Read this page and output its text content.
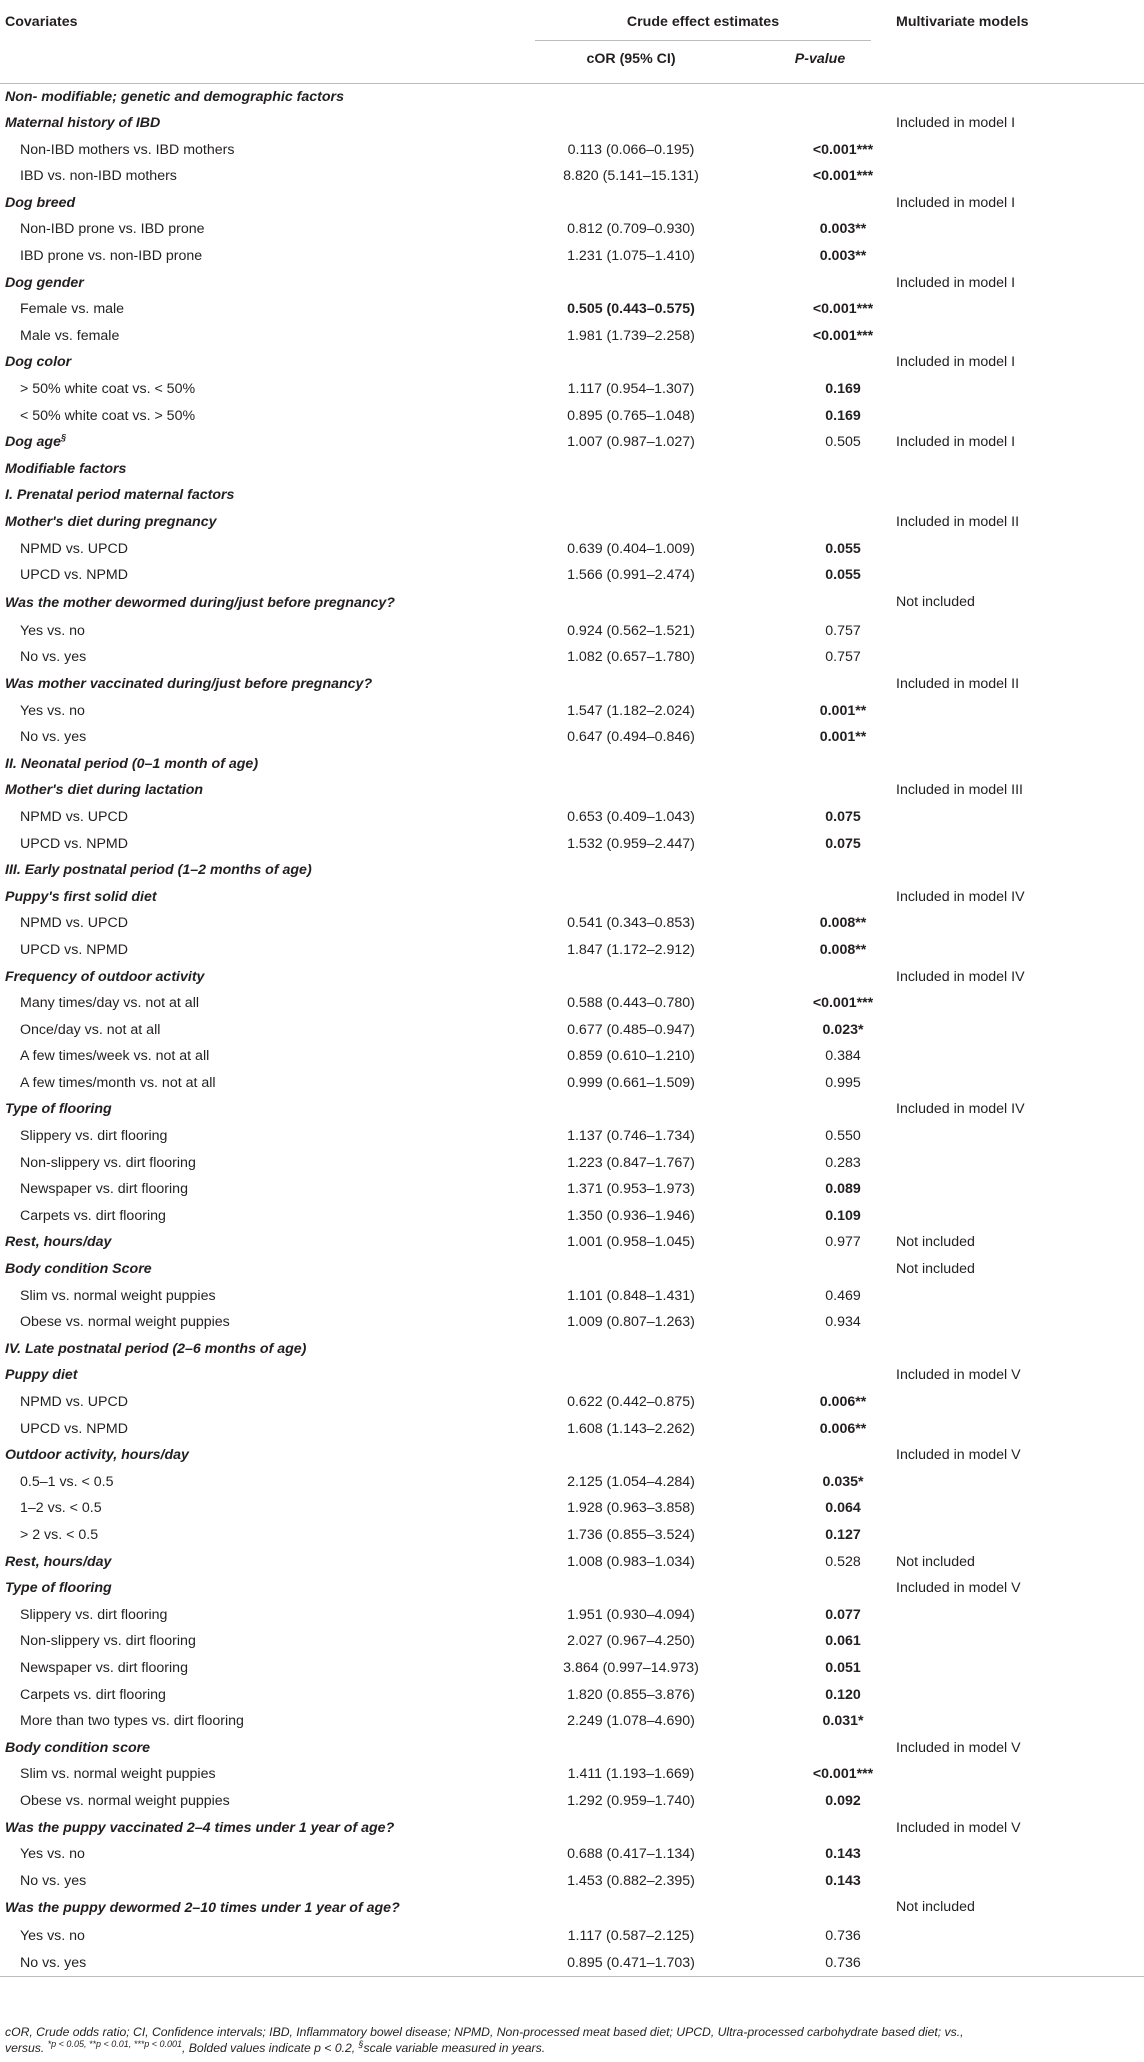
Covariates	Crude effect estimates		Multivariate models
	cOR (95% CI)	P-value	
Non- modifiable; genetic and demographic factors			
Maternal history of IBD			Included in model I
Non-IBD mothers vs. IBD mothers	0.113 (0.066–0.195)	<0.001***	
IBD vs. non-IBD mothers	8.820 (5.141–15.131)	<0.001***	
Dog breed			Included in model I
Non-IBD prone vs. IBD prone	0.812 (0.709–0.930)	0.003**	
IBD prone vs. non-IBD prone	1.231 (1.075–1.410)	0.003**	
Dog gender			Included in model I
Female vs. male	0.505 (0.443–0.575)	<0.001***	
Male vs. female	1.981 (1.739–2.258)	<0.001***	
Dog color			Included in model I
> 50% white coat vs. < 50%	1.117 (0.954–1.307)	0.169	
< 50% white coat vs. > 50%	0.895 (0.765–1.048)	0.169	
Dog age§	1.007 (0.987–1.027)	0.505	Included in model I
Modifiable factors			
I. Prenatal period maternal factors			
Mother's diet during pregnancy			Included in model II
NPMD vs. UPCD	0.639 (0.404–1.009)	0.055	
UPCD vs. NPMD	1.566 (0.991–2.474)	0.055	
Was the mother dewormed during/just before pregnancy?			Not included
Yes vs. no	0.924 (0.562–1.521)	0.757	
No vs. yes	1.082 (0.657–1.780)	0.757	
Was mother vaccinated during/just before pregnancy?			Included in model II
Yes vs. no	1.547 (1.182–2.024)	0.001**	
No vs. yes	0.647 (0.494–0.846)	0.001**	
II. Neonatal period (0–1 month of age)			
Mother's diet during lactation			Included in model III
NPMD vs. UPCD	0.653 (0.409–1.043)	0.075	
UPCD vs. NPMD	1.532 (0.959–2.447)	0.075	
III. Early postnatal period (1–2 months of age)			
Puppy's first solid diet			Included in model IV
NPMD vs. UPCD	0.541 (0.343–0.853)	0.008**	
UPCD vs. NPMD	1.847 (1.172–2.912)	0.008**	
Frequency of outdoor activity			Included in model IV
Many times/day vs. not at all	0.588 (0.443–0.780)	<0.001***	
Once/day vs. not at all	0.677 (0.485–0.947)	0.023*	
A few times/week vs. not at all	0.859 (0.610–1.210)	0.384	
A few times/month vs. not at all	0.999 (0.661–1.509)	0.995	
Type of flooring			Included in model IV
Slippery vs. dirt flooring	1.137 (0.746–1.734)	0.550	
Non-slippery vs. dirt flooring	1.223 (0.847–1.767)	0.283	
Newspaper vs. dirt flooring	1.371 (0.953–1.973)	0.089	
Carpets vs. dirt flooring	1.350 (0.936–1.946)	0.109	
Rest, hours/day	1.001 (0.958–1.045)	0.977	Not included
Body condition Score			Not included
Slim vs. normal weight puppies	1.101 (0.848–1.431)	0.469	
Obese vs. normal weight puppies	1.009 (0.807–1.263)	0.934	
IV. Late postnatal period (2–6 months of age)			
Puppy diet			Included in model V
NPMD vs. UPCD	0.622 (0.442–0.875)	0.006**	
UPCD vs. NPMD	1.608 (1.143–2.262)	0.006**	
Outdoor activity, hours/day			Included in model V
0.5–1 vs. < 0.5	2.125 (1.054–4.284)	0.035*	
1–2 vs. < 0.5	1.928 (0.963–3.858)	0.064	
> 2 vs. < 0.5	1.736 (0.855–3.524)	0.127	
Rest, hours/day	1.008 (0.983–1.034)	0.528	Not included
Type of flooring			Included in model V
Slippery vs. dirt flooring	1.951 (0.930–4.094)	0.077	
Non-slippery vs. dirt flooring	2.027 (0.967–4.250)	0.061	
Newspaper vs. dirt flooring	3.864 (0.997–14.973)	0.051	
Carpets vs. dirt flooring	1.820 (0.855–3.876)	0.120	
More than two types vs. dirt flooring	2.249 (1.078–4.690)	0.031*	
Body condition score			Included in model V
Slim vs. normal weight puppies	1.411 (1.193–1.669)	<0.001***	
Obese vs. normal weight puppies	1.292 (0.959–1.740)	0.092	
Was the puppy vaccinated 2–4 times under 1 year of age?			Included in model V
Yes vs. no	0.688 (0.417–1.134)	0.143	
No vs. yes	1.453 (0.882–2.395)	0.143	
Was the puppy dewormed 2–10 times under 1 year of age?			Not included
Yes vs. no	1.117 (0.587–2.125)	0.736	
No vs. yes	0.895 (0.471–1.703)	0.736	
cOR, Crude odds ratio; CI, Confidence intervals; IBD, Inflammatory bowel disease; NPMD, Non-processed meat based diet; UPCD, Ultra-processed carbohydrate based diet; vs.,
versus. $^{*p < 0.05, **p < 0.01, ***p < 0.001}$, Bolded values indicate p < 0.2, §scale variable measured in years.
